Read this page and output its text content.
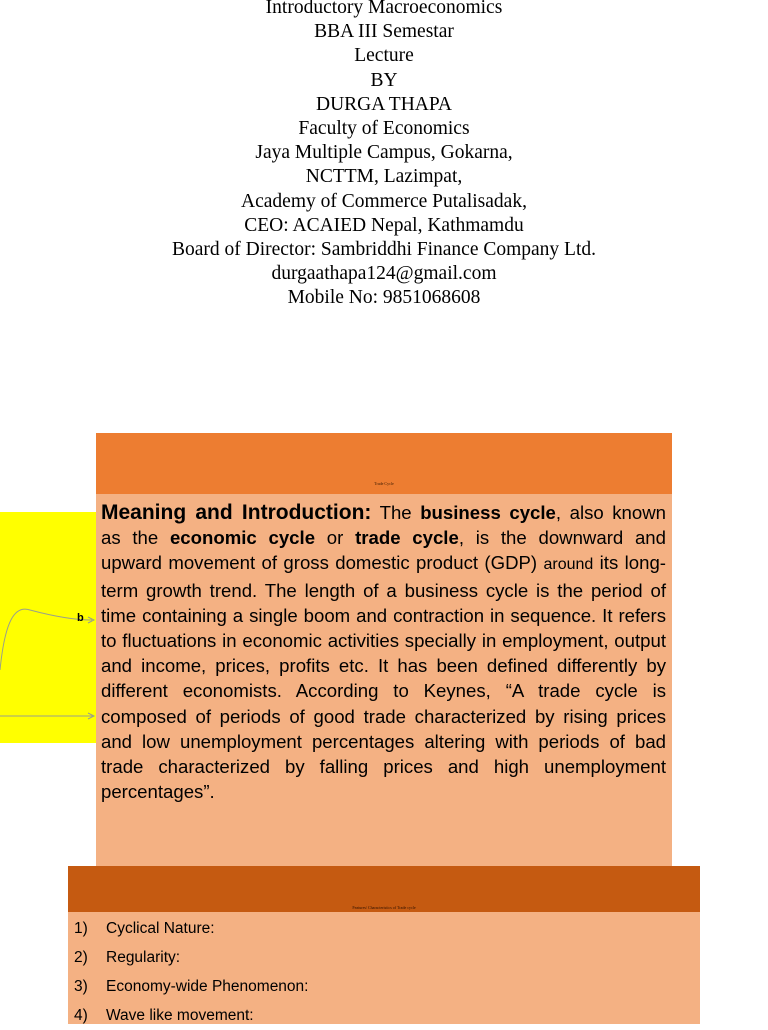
Introductory Macroeconomics
BBA III Semestar
Lecture
BY
DURGA THAPA
Faculty of Economics
Jaya Multiple Campus, Gokarna,
NCTTM, Lazimpat,
Academy of Commerce Putalisadak,
CEO: ACAIED Nepal, Kathmamdu
Board of Director: Sambriddhi Finance Company Ltd.
durgaathapa124@gmail.com
Mobile No: 9851068608
b
Trade Cycle
Meaning and Introduction: The business cycle, also known as the economic cycle or trade cycle, is the downward and upward movement of gross domestic product (GDP) around its long-term growth trend. The length of a business cycle is the period of time containing a single boom and contraction in sequence. It refers to fluctuations in economic activities specially in employment, output and income, prices, profits etc. It has been defined differently by different economists. According to Keynes, “A trade cycle is composed of periods of good trade characterized by rising prices and low unemployment percentages altering with periods of bad trade characterized by falling prices and high unemployment percentages”.
Features/ Characteristics of Trade cycle
1) Cyclical Nature:
2) Regularity:
3) Economy-wide Phenomenon:
4) Wave like movement:
